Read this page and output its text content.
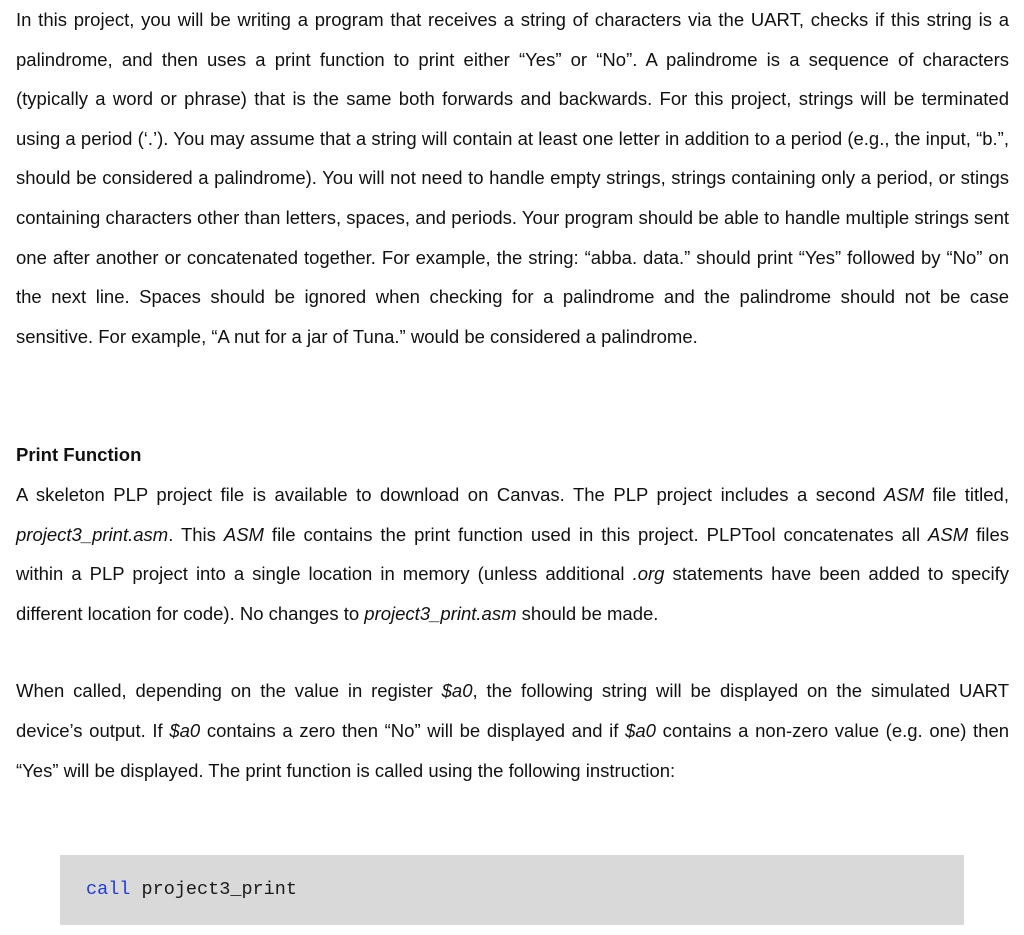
In this project, you will be writing a program that receives a string of characters via the UART, checks if this string is a palindrome, and then uses a print function to print either “Yes” or “No”. A palindrome is a sequence of characters (typically a word or phrase) that is the same both forwards and backwards. For this project, strings will be terminated using a period (‘.’). You may assume that a string will contain at least one letter in addition to a period (e.g., the input, “b.”, should be considered a palindrome). You will not need to handle empty strings, strings containing only a period, or stings containing characters other than letters, spaces, and periods. Your program should be able to handle multiple strings sent one after another or concatenated together. For example, the string: “abba. data.” should print “Yes” followed by “No” on the next line. Spaces should be ignored when checking for a palindrome and the palindrome should not be case sensitive. For example, “A nut for a jar of Tuna.” would be considered a palindrome.

Print Function

A skeleton PLP project file is available to download on Canvas. The PLP project includes a second ASM file titled, project3_print.asm. This ASM file contains the print function used in this project. PLPTool concatenates all ASM files within a PLP project into a single location in memory (unless additional .org statements have been added to specify different location for code). No changes to project3_print.asm should be made.

When called, depending on the value in register $a0, the following string will be displayed on the simulated UART device’s output. If $a0 contains a zero then “No” will be displayed and if $a0 contains a non-zero value (e.g. one) then “Yes” will be displayed. The print function is called using the following instruction:

call project3_print
